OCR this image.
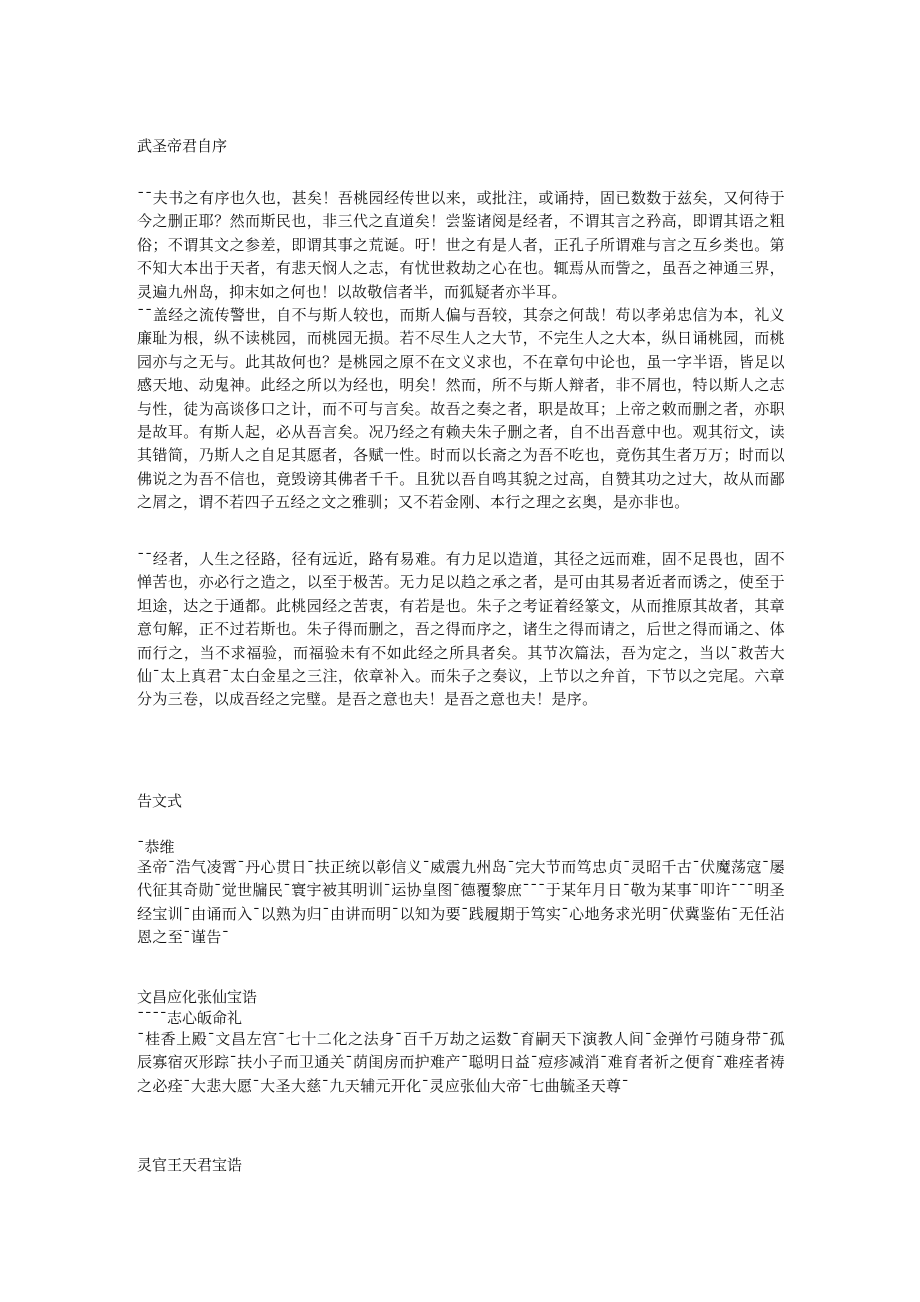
武圣帝君自序
¯¯夫书之有序也久也，甚矣！吾桃园经传世以来，或批注，或诵持，固已数数于兹矣，又何待于今之删正耶？然而斯民也，非三代之直道矣！尝鉴诸阅是经者，不谓其言之矜高，即谓其语之粗俗；不谓其文之参差，即谓其事之荒诞。吁！世之有是人者，正孔子所谓难与言之互乡类也。第不知大本出于天者，有悲天悯人之志，有忧世救劫之心在也。辄焉从而訾之，虽吾之神通三界，灵遍九州岛，抑末如之何也！以故敬信者半，而狐疑者亦半耳。
¯¯盖经之流传警世，自不与斯人较也，而斯人偏与吾较，其奈之何哉！苟以孝弟忠信为本，礼义廉耻为根，纵不读桃园，而桃园无损。若不尽生人之大节，不完生人之大本，纵日诵桃园，而桃园亦与之无与。此其故何也？是桃园之原不在文义求也，不在章句中论也，虽一字半语，皆足以感天地、动鬼神。此经之所以为经也，明矣！然而，所不与斯人辩者，非不屑也，特以斯人之志与性，徒为高谈侈口之计，而不可与言矣。故吾之奏之者，职是故耳；上帝之敕而删之者，亦职是故耳。有斯人起，必从吾言矣。况乃经之有赖夫朱子删之者，自不出吾意中也。观其衍文，读其错简，乃斯人之自足其愿者，各赋一性。时而以长斋之为吾不吃也，竟伤其生者万万；时而以佛说之为吾不信也，竟毁谤其佛者千千。且犹以吾自鸣其貌之过高，自赞其功之过大，故从而鄙之屑之，谓不若四子五经之文之雅驯；又不若金刚、本行之理之玄奥，是亦非也。
¯¯经者，人生之径路，径有远近，路有易难。有力足以造道，其径之远而难，固不足畏也，固不惮苦也，亦必行之造之，以至于极苦。无力足以趋之承之者，是可由其易者近者而诱之，使至于坦途，达之于通都。此桃园经之苦衷，有若是也。朱子之考证着经篆文，从而推原其故者，其章意句解，正不过若斯也。朱子得而删之，吾之得而序之，诸生之得而请之，后世之得而诵之、体而行之，当不求福验，而福验未有不如此经之所具者矣。其节次篇法，吾为定之，当以¯救苦大仙¯太上真君¯太白金星之三注，依章补入。而朱子之奏议，上节以之弁首，下节以之完尾。六章分为三卷，以成吾经之完璧。是吾之意也夫！是吾之意也夫！是序。
告文式
¯恭维
圣帝¯浩气凌霄¯丹心贯日¯扶正统以彰信义¯威震九州岛¯完大节而笃忠贞¯灵昭千古¯伏魔荡寇¯屡代征其奇勋¯觉世牖民¯寰宇被其明训¯运协皇图¯德覆黎庶¯¯¯于某年月日¯敬为某事¯叩许¯¯¯明圣经宝训¯由诵而入¯以熟为归¯由讲而明¯以知为要¯践履期于笃实¯心地务求光明¯伏冀鉴佑¯无任沾恩之至¯谨告¯
文昌应化张仙宝诰
¯¯¯¯志心皈命礼
¯桂香上殿¯文昌左宫¯七十二化之法身¯百千万劫之运数¯育嗣天下演教人间¯金弹竹弓随身带¯孤辰寡宿灭形踪¯扶小子而卫通关¯荫闺房而护难产¯聪明日益¯痘疹减消¯难育者祈之便育¯难痊者祷之必痊¯大悲大愿¯大圣大慈¯九天辅元开化¯灵应张仙大帝¯七曲毓圣天尊¯
灵官王天君宝诰
